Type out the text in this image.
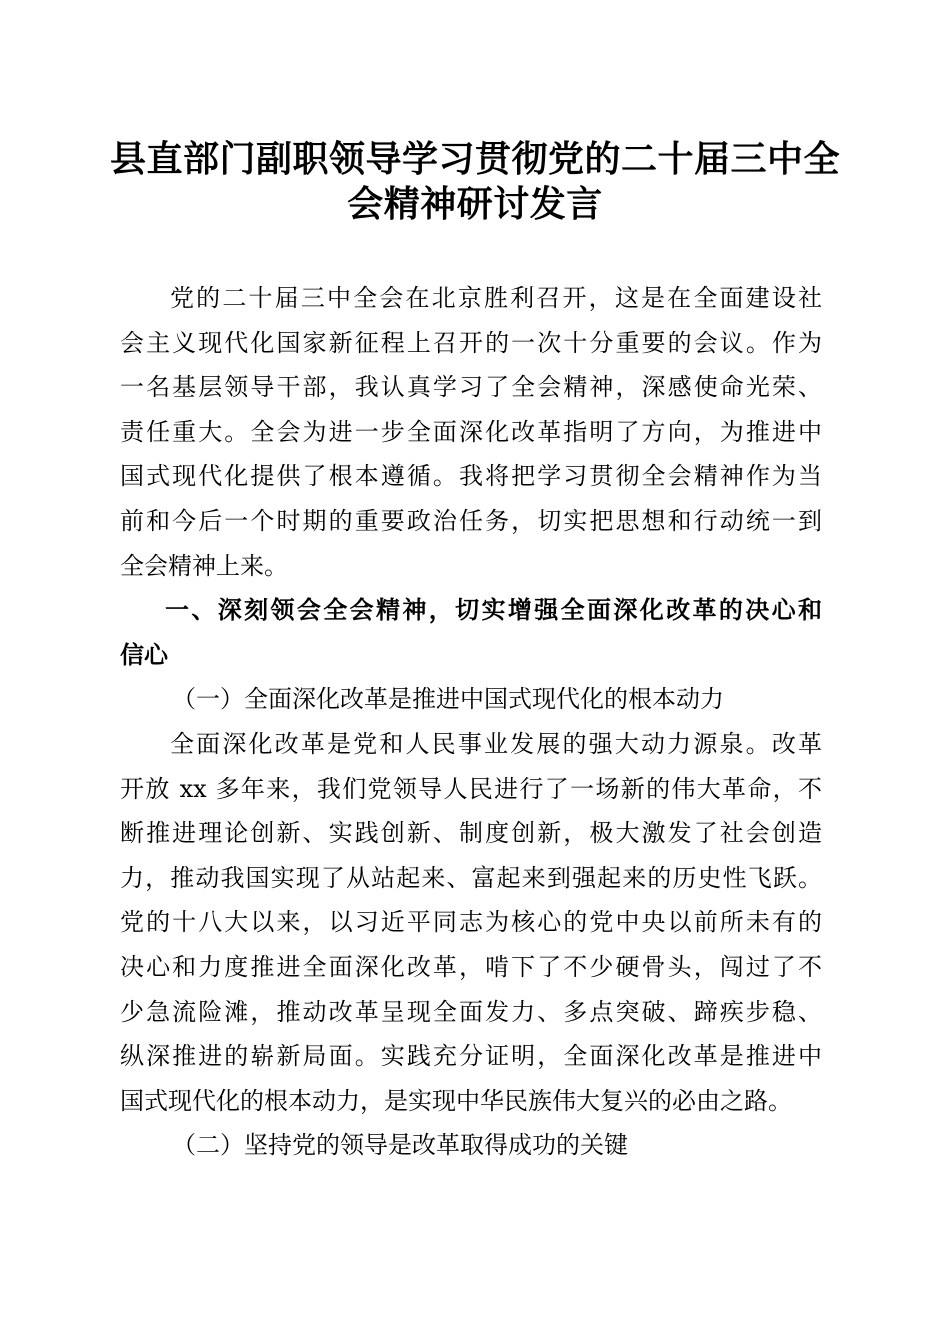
县直部门副职领导学习贯彻党的二十届三中全
会精神研讨发言
党的二十届三中全会在北京胜利召开，这是在全面建设社
会主义现代化国家新征程上召开的一次十分重要的会议。作为
一名基层领导干部，我认真学习了全会精神，深感使命光荣、
责任重大。全会为进一步全面深化改革指明了方向，为推进中
国式现代化提供了根本遵循。我将把学习贯彻全会精神作为当
前和今后一个时期的重要政治任务，切实把思想和行动统一到
全会精神上来。
一、深刻领会全会精神，切实增强全面深化改革的决心和
信心
（一）全面深化改革是推进中国式现代化的根本动力
全面深化改革是党和人民事业发展的强大动力源泉。改革
开放 xx 多年来，我们党领导人民进行了一场新的伟大革命，不
断推进理论创新、实践创新、制度创新，极大激发了社会创造
力，推动我国实现了从站起来、富起来到强起来的历史性飞跃。
党的十八大以来，以习近平同志为核心的党中央以前所未有的
决心和力度推进全面深化改革，啃下了不少硬骨头，闯过了不
少急流险滩，推动改革呈现全面发力、多点突破、蹄疾步稳、
纵深推进的崭新局面。实践充分证明，全面深化改革是推进中
国式现代化的根本动力，是实现中华民族伟大复兴的必由之路。
（二）坚持党的领导是改革取得成功的关键
